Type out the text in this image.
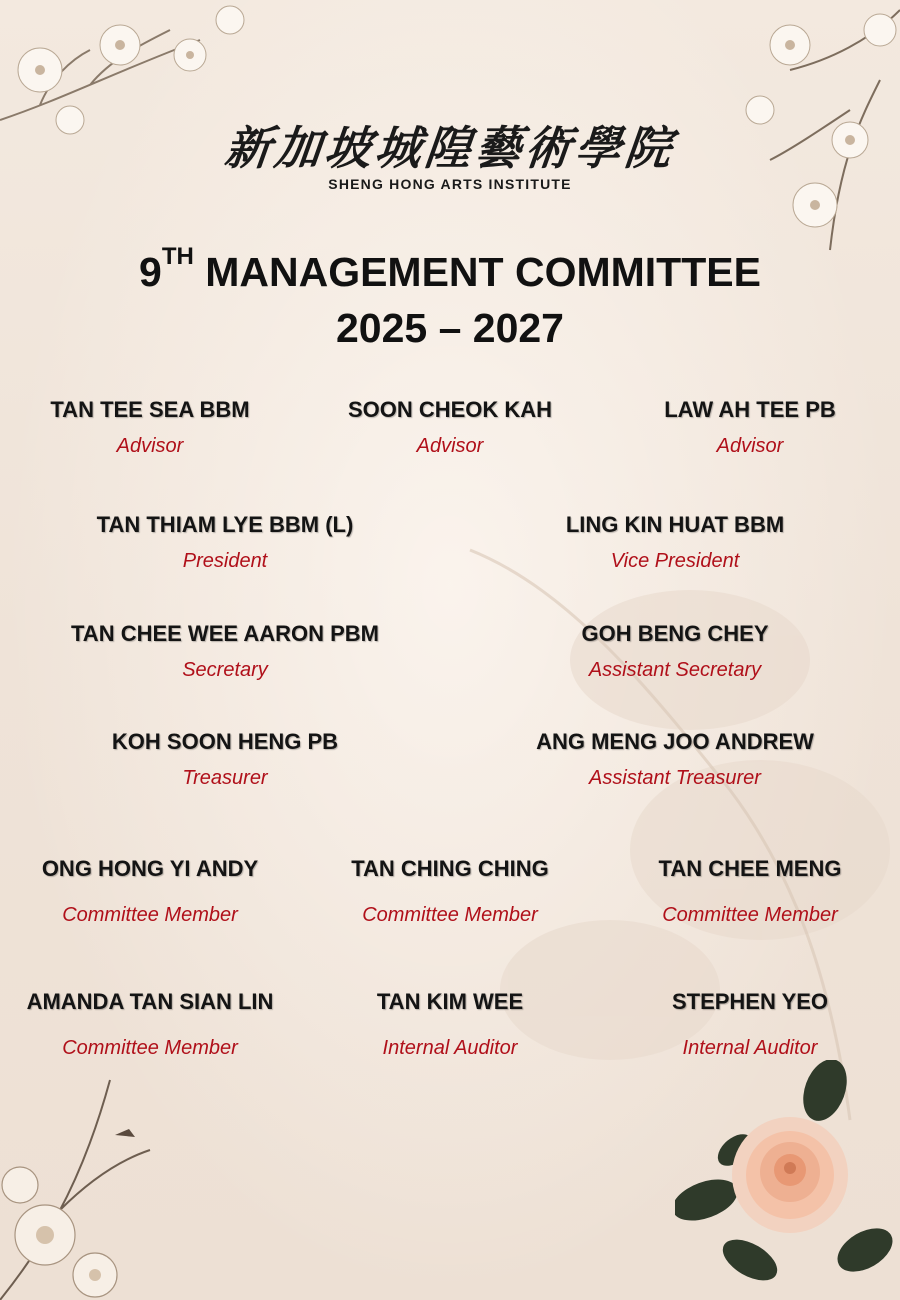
新加坡城隍藝術學院
SHENG HONG ARTS INSTITUTE
9TH MANAGEMENT COMMITTEE
2025 – 2027
TAN TEE SEA BBM
Advisor
SOON CHEOK KAH
Advisor
LAW AH TEE PB
Advisor
TAN THIAM LYE BBM (L)
President
LING KIN HUAT BBM
Vice President
TAN CHEE WEE AARON PBM
Secretary
GOH BENG CHEY
Assistant Secretary
KOH SOON HENG PB
Treasurer
ANG MENG JOO ANDREW
Assistant Treasurer
ONG HONG YI ANDY
Committee Member
TAN CHING CHING
Committee Member
TAN CHEE MENG
Committee Member
AMANDA TAN SIAN LIN
Committee Member
TAN KIM WEE
Internal Auditor
STEPHEN YEO
Internal Auditor
